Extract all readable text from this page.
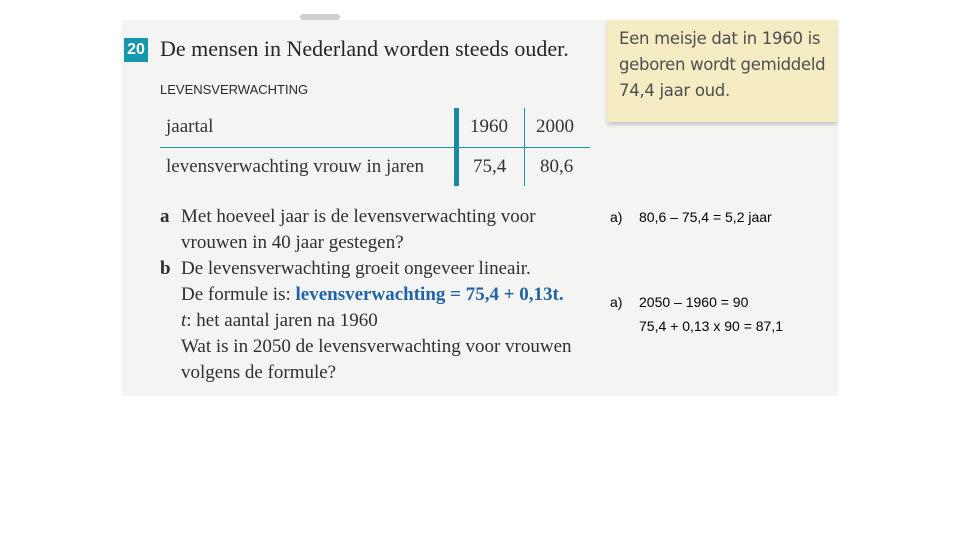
20 De mensen in Nederland worden steeds ouder.
LEVENSVERWACHTING
jaartal	1960 2000
levensverwachting vrouw in jaren	75,4 80,6
Een meisje dat in 1960 is geboren wordt gemiddeld 74,4 jaar oud.
a Met hoeveel jaar is de levensverwachting voor
vrouwen in 40 jaar gestegen?
b De levensverwachting groeit ongeveer lineair.
De formule is: levensverwachting = 75,4 + 0,13t.
t: het aantal jaren na 1960
Wat is in 2050 de levensverwachting voor vrouwen
volgens de formule?
a) 80,6 – 75,4 = 5,2 jaar
a) 2050 – 1960 = 90
75,4 + 0,13 x 90 = 87,1
